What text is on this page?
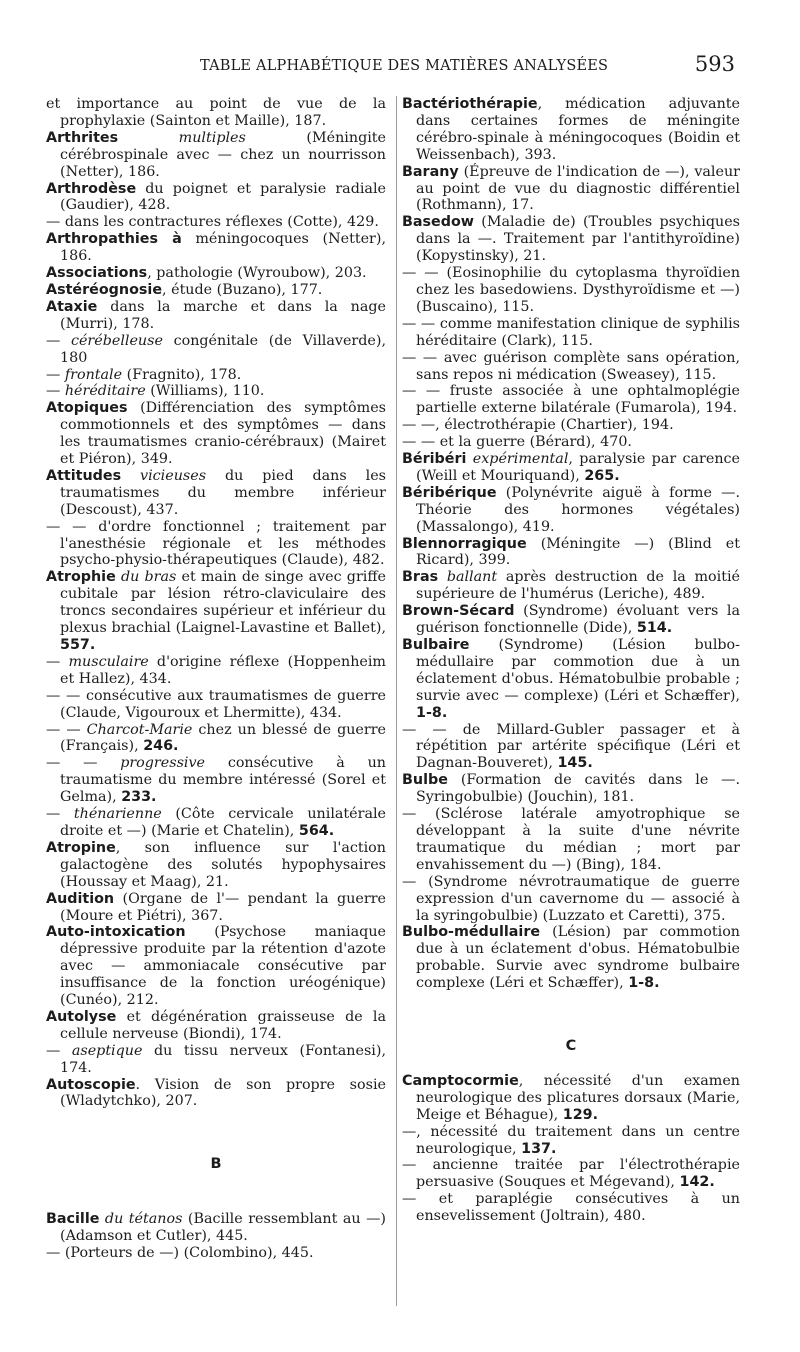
TABLE ALPHABÉTIQUE DES MATIÈRES ANALYSÉES	593

et importance au point de vue de la prophylaxie (Sainton et Maille), 187.

Arthrites	multiples	(Méningite cérébrospinale avec — chez un nourrisson (Netter), 186.

Arthrodèse du poignet et paralysie radiale (Gaudier), 428.

— dans les contractures réflexes (Cotte), 429.

Arthropathies à méningocoques (Netter), 186.

Associations, pathologie (Wyroubow), 203.

Astéréognosie, étude (Buzano), 177.

Ataxie dans la marche et dans la nage (Murri), 178.

— cérébelleuse congénitale (de Villaverde), 180

— frontale (Fragnito), 178.

— héréditaire (Williams), 110.

Atopiques (Différenciation des symptômes commotionnels et des symptômes — dans les traumatismes cranio-cérébraux) (Mairet et Piéron), 349.

Attitudes vicieuses du pied dans les traumatismes du membre inférieur (Descoust), 437.

— — d'ordre fonctionnel ; traitement par l'anesthésie régionale et les méthodes psycho-physio-thérapeutiques (Claude), 482.

Atrophie du bras et main de singe avec griffe cubitale par lésion rétro-claviculaire des troncs secondaires supérieur et inférieur du plexus brachial (Laignel-Lavastine et Ballet), 557.

— musculaire d'origine réflexe (Hoppenheim et Hallez), 434.

— — consécutive aux traumatismes de guerre (Claude, Vigouroux et Lhermitte), 434.

— — Charcot-Marie chez un blessé de guerre (Français), 246.

— — progressive consécutive à un traumatisme du membre intéressé (Sorel et Gelma), 233.

— thénarienne (Côte cervicale unilatérale droite et —) (Marie et Chatelin), 564.

Atropine, son influence sur l'action galactogène des solutés hypophysaires (Houssay et Maag), 21.

Audition (Organe de l'— pendant la guerre (Moure et Piétri), 367.

Auto-intoxication (Psychose maniaque dépressive produite par la rétention d'azote avec — ammoniacale consécutive par insuffisance de la fonction uréogénique) (Cunéo), 212.

Autolyse et dégénération graisseuse de la cellule nerveuse (Biondi), 174.

— aseptique du tissu nerveux (Fontanesi), 174.

Autoscopie. Vision de son propre sosie (Wladytchko), 207.

B

Bacille du tétanos (Bacille ressemblant au —) (Adamson et Cutler), 445.

— (Porteurs de —) (Colombino), 445.

Bactériothérapie, médication adjuvante dans certaines formes de méningite cérébro-spinale à méningocoques (Boidin et Weissenbach), 393.

Barany (Épreuve de l'indication de —), valeur au point de vue du diagnostic différentiel (Rothmann), 17.

Basedow (Maladie de) (Troubles psychiques dans la —. Traitement par l'antithyroïdine) (Kopystinsky), 21.

— — (Eosinophilie du cytoplasma thyroïdien chez les basedowiens. Dysthyroïdisme et —) (Buscaino), 115.

— — comme manifestation clinique de syphilis héréditaire (Clark), 115.

— — avec guérison complète sans opération, sans repos ni médication (Sweasey), 115.

— — fruste associée à une ophtalmoplégie partielle externe bilatérale (Fumarola), 194.

— —, électrothérapie (Chartier), 194.

— — et la guerre (Bérard), 470.

Béribéri expérimental, paralysie par carence (Weill et Mouriquand), 265.

Béribérique (Polynévrite aiguë à forme —. Théorie des hormones végétales) (Massalongo), 419.

Blennorragique (Méningite —) (Blind et Ricard), 399.

Bras ballant après destruction de la moitié supérieure de l'humérus (Leriche), 489.

Brown-Sécard (Syndrome) évoluant vers la guérison fonctionnelle (Dide), 514.

Bulbaire (Syndrome) (Lésion bulbo-médullaire par commotion due à un éclatement d'obus. Hématobulbie probable ; survie avec — complexe) (Léri et Schæffer), 1-8.

— — de Millard-Gubler passager et à répétition par artérite spécifique (Léri et Dagnan-Bouveret), 145.

Bulbe (Formation de cavités dans le —. Syringobulbie) (Jouchin), 181.

— (Sclérose latérale amyotrophique se développant à la suite d'une névrite traumatique du médian ; mort par envahissement du —) (Bing), 184.

— (Syndrome névrotraumatique de guerre expression d'un cavernome du — associé à la syringobulbie) (Luzzato et Caretti), 375.

Bulbo-médullaire (Lésion) par commotion due à un éclatement d'obus. Hématobulbie probable. Survie avec syndrome bulbaire complexe (Léri et Schæffer), 1-8.

C

Camptocormie, nécessité d'un examen neurologique des plicatures dorsaux (Marie, Meige et Béhague), 129.

—, nécessité du traitement dans un centre neurologique, 137.

— ancienne traitée par l'électrothérapie persuasive (Souques et Mégevand), 142.

— et paraplégie consécutives à un ensevelissement (Joltrain), 480.
